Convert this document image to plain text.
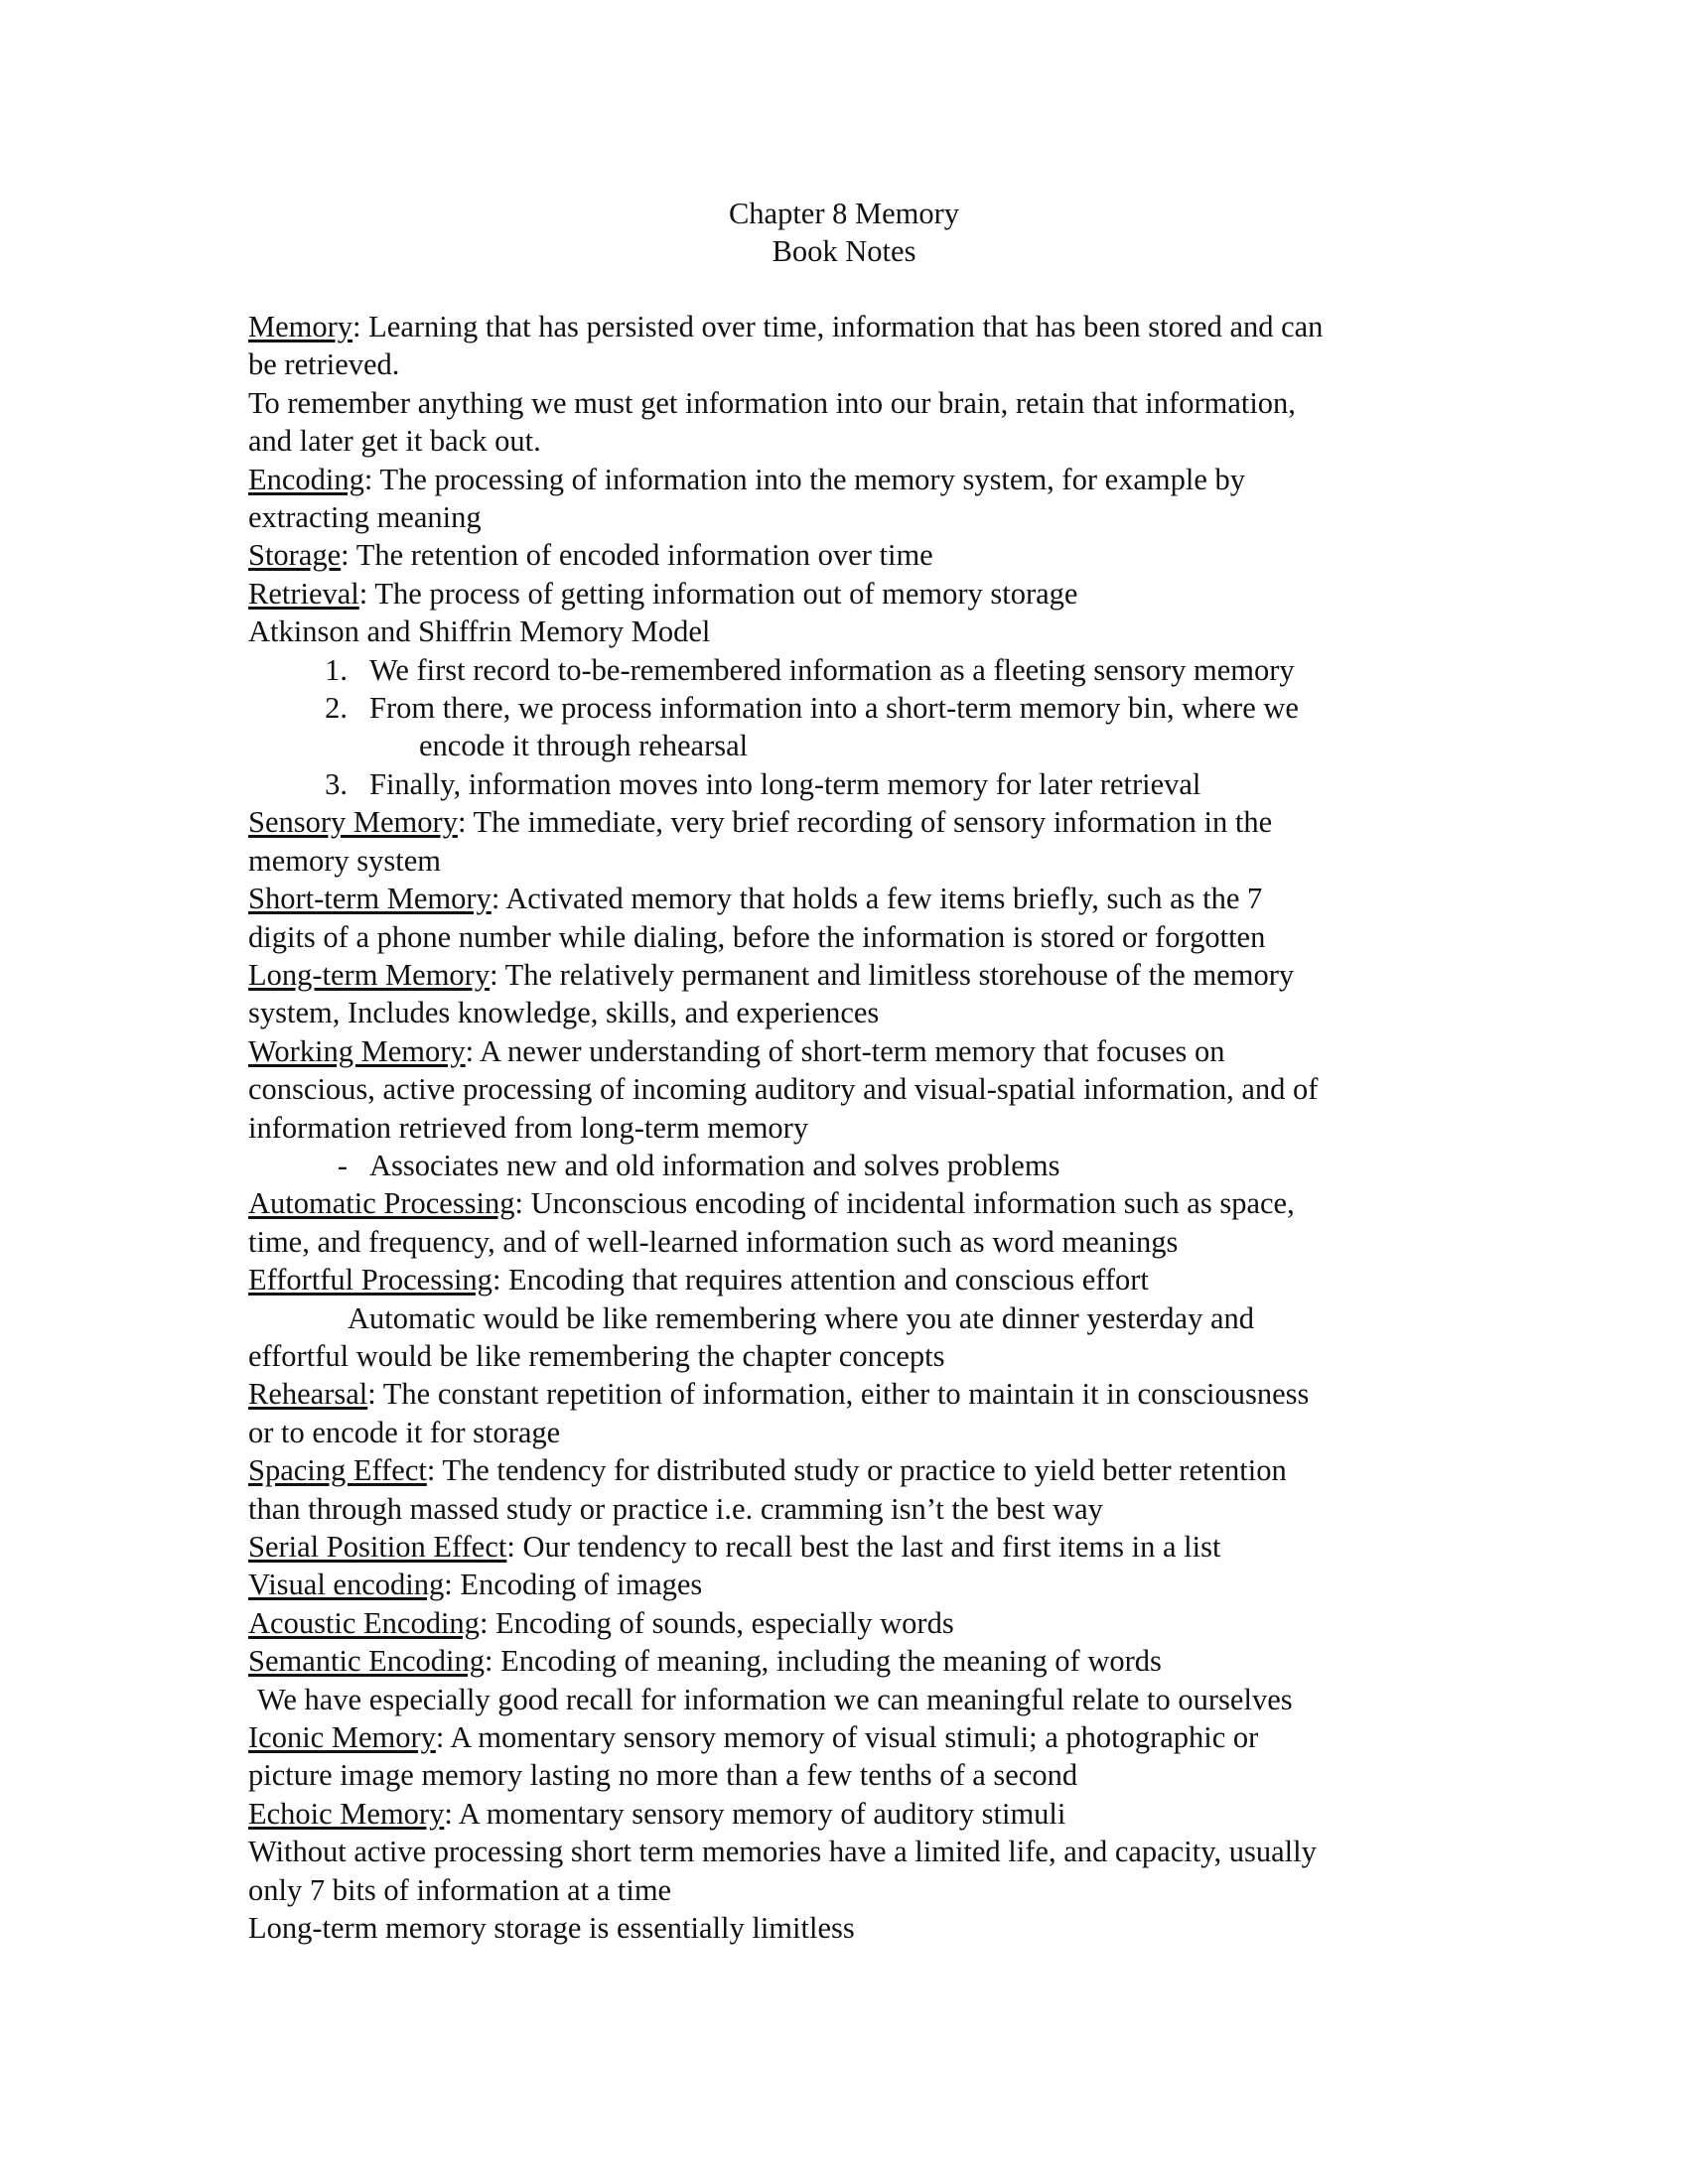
Chapter 8 Memory
Book Notes
Memory: Learning that has persisted over time, information that has been stored and can
be retrieved.
To remember anything we must get information into our brain, retain that information,
and later get it back out.
Encoding: The processing of information into the memory system, for example by
extracting meaning
Storage: The retention of encoded information over time
Retrieval: The process of getting information out of memory storage
Atkinson and Shiffrin Memory Model
1. We first record to-be-remembered information as a fleeting sensory memory
2. From there, we process information into a short-term memory bin, where we
encode it through rehearsal
3. Finally, information moves into long-term memory for later retrieval
Sensory Memory: The immediate, very brief recording of sensory information in the
memory system
Short-term Memory: Activated memory that holds a few items briefly, such as the 7
digits of a phone number while dialing, before the information is stored or forgotten
Long-term Memory: The relatively permanent and limitless storehouse of the memory
system, Includes knowledge, skills, and experiences
Working Memory: A newer understanding of short-term memory that focuses on
conscious, active processing of incoming auditory and visual-spatial information, and of
information retrieved from long-term memory
- Associates new and old information and solves problems
Automatic Processing: Unconscious encoding of incidental information such as space,
time, and frequency, and of well-learned information such as word meanings
Effortful Processing: Encoding that requires attention and conscious effort
Automatic would be like remembering where you ate dinner yesterday and
effortful would be like remembering the chapter concepts
Rehearsal: The constant repetition of information, either to maintain it in consciousness
or to encode it for storage
Spacing Effect: The tendency for distributed study or practice to yield better retention
than through massed study or practice i.e. cramming isn’t the best way
Serial Position Effect: Our tendency to recall best the last and first items in a list
Visual encoding: Encoding of images
Acoustic Encoding: Encoding of sounds, especially words
Semantic Encoding: Encoding of meaning, including the meaning of words
We have especially good recall for information we can meaningful relate to ourselves
Iconic Memory: A momentary sensory memory of visual stimuli; a photographic or
picture image memory lasting no more than a few tenths of a second
Echoic Memory: A momentary sensory memory of auditory stimuli
Without active processing short term memories have a limited life, and capacity, usually
only 7 bits of information at a time
Long-term memory storage is essentially limitless
